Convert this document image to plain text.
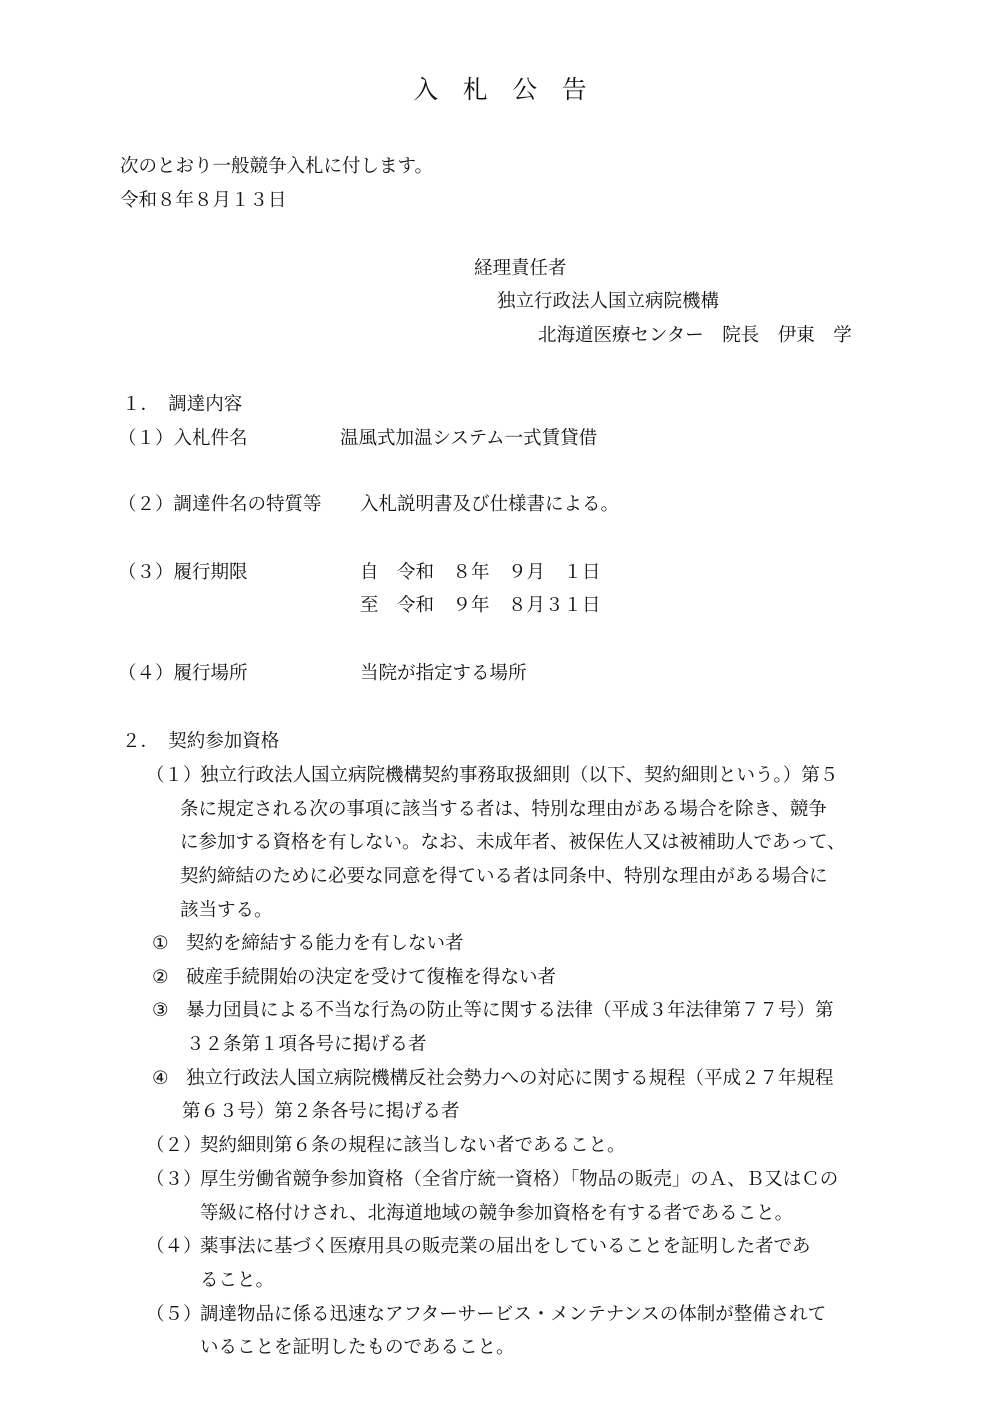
入　札　公　告
次のとおり一般競争入札に付します。
令和８年８月１３日
経理責任者
独立行政法人国立病院機構
北海道医療センター　院長　伊東　学
１．　調達内容
（１）入札件名	温風式加温システム一式賃貸借
（２）調達件名の特質等 入札説明書及び仕様書による。
（３）履行期限	自　令和　８年　９月　１日
至　令和　９年　８月３１日
（４）履行場所	当院が指定する場所
２．　契約参加資格
（１）
独立行政法人国立病院機構契約事務取扱細則（以下、契約細則という。）第５
条に規定される次の事項に該当する者は、特別な理由がある場合を除き、競争
に参加する資格を有しない。なお、未成年者、被保佐人又は被補助人であって、
契約締結のために必要な同意を得ている者は同条中、特別な理由がある場合に
該当する。
① 契約を締結する能力を有しない者
② 破産手続開始の決定を受けて復権を得ない者
③ 暴力団員による不当な行為の防止等に関する法律（平成３年法律第７７号）第
３２条第１項各号に掲げる者
④ 独立行政法人国立病院機構反社会勢力への対応に関する規程（平成２７年規程
第６３号）第２条各号に掲げる者
（２）
契約細則第６条の規程に該当しない者であること。
（３）
厚生労働省競争参加資格（全省庁統一資格）「物品の販売」のＡ、Ｂ又はＣの
等級に格付けされ、北海道地域の競争参加資格を有する者であること。
（４）
薬事法に基づく医療用具の販売業の届出をしていることを証明した者であ
ること。
（５）
調達物品に係る迅速なアフターサービス・メンテナンスの体制が整備されて
いることを証明したものであること。
